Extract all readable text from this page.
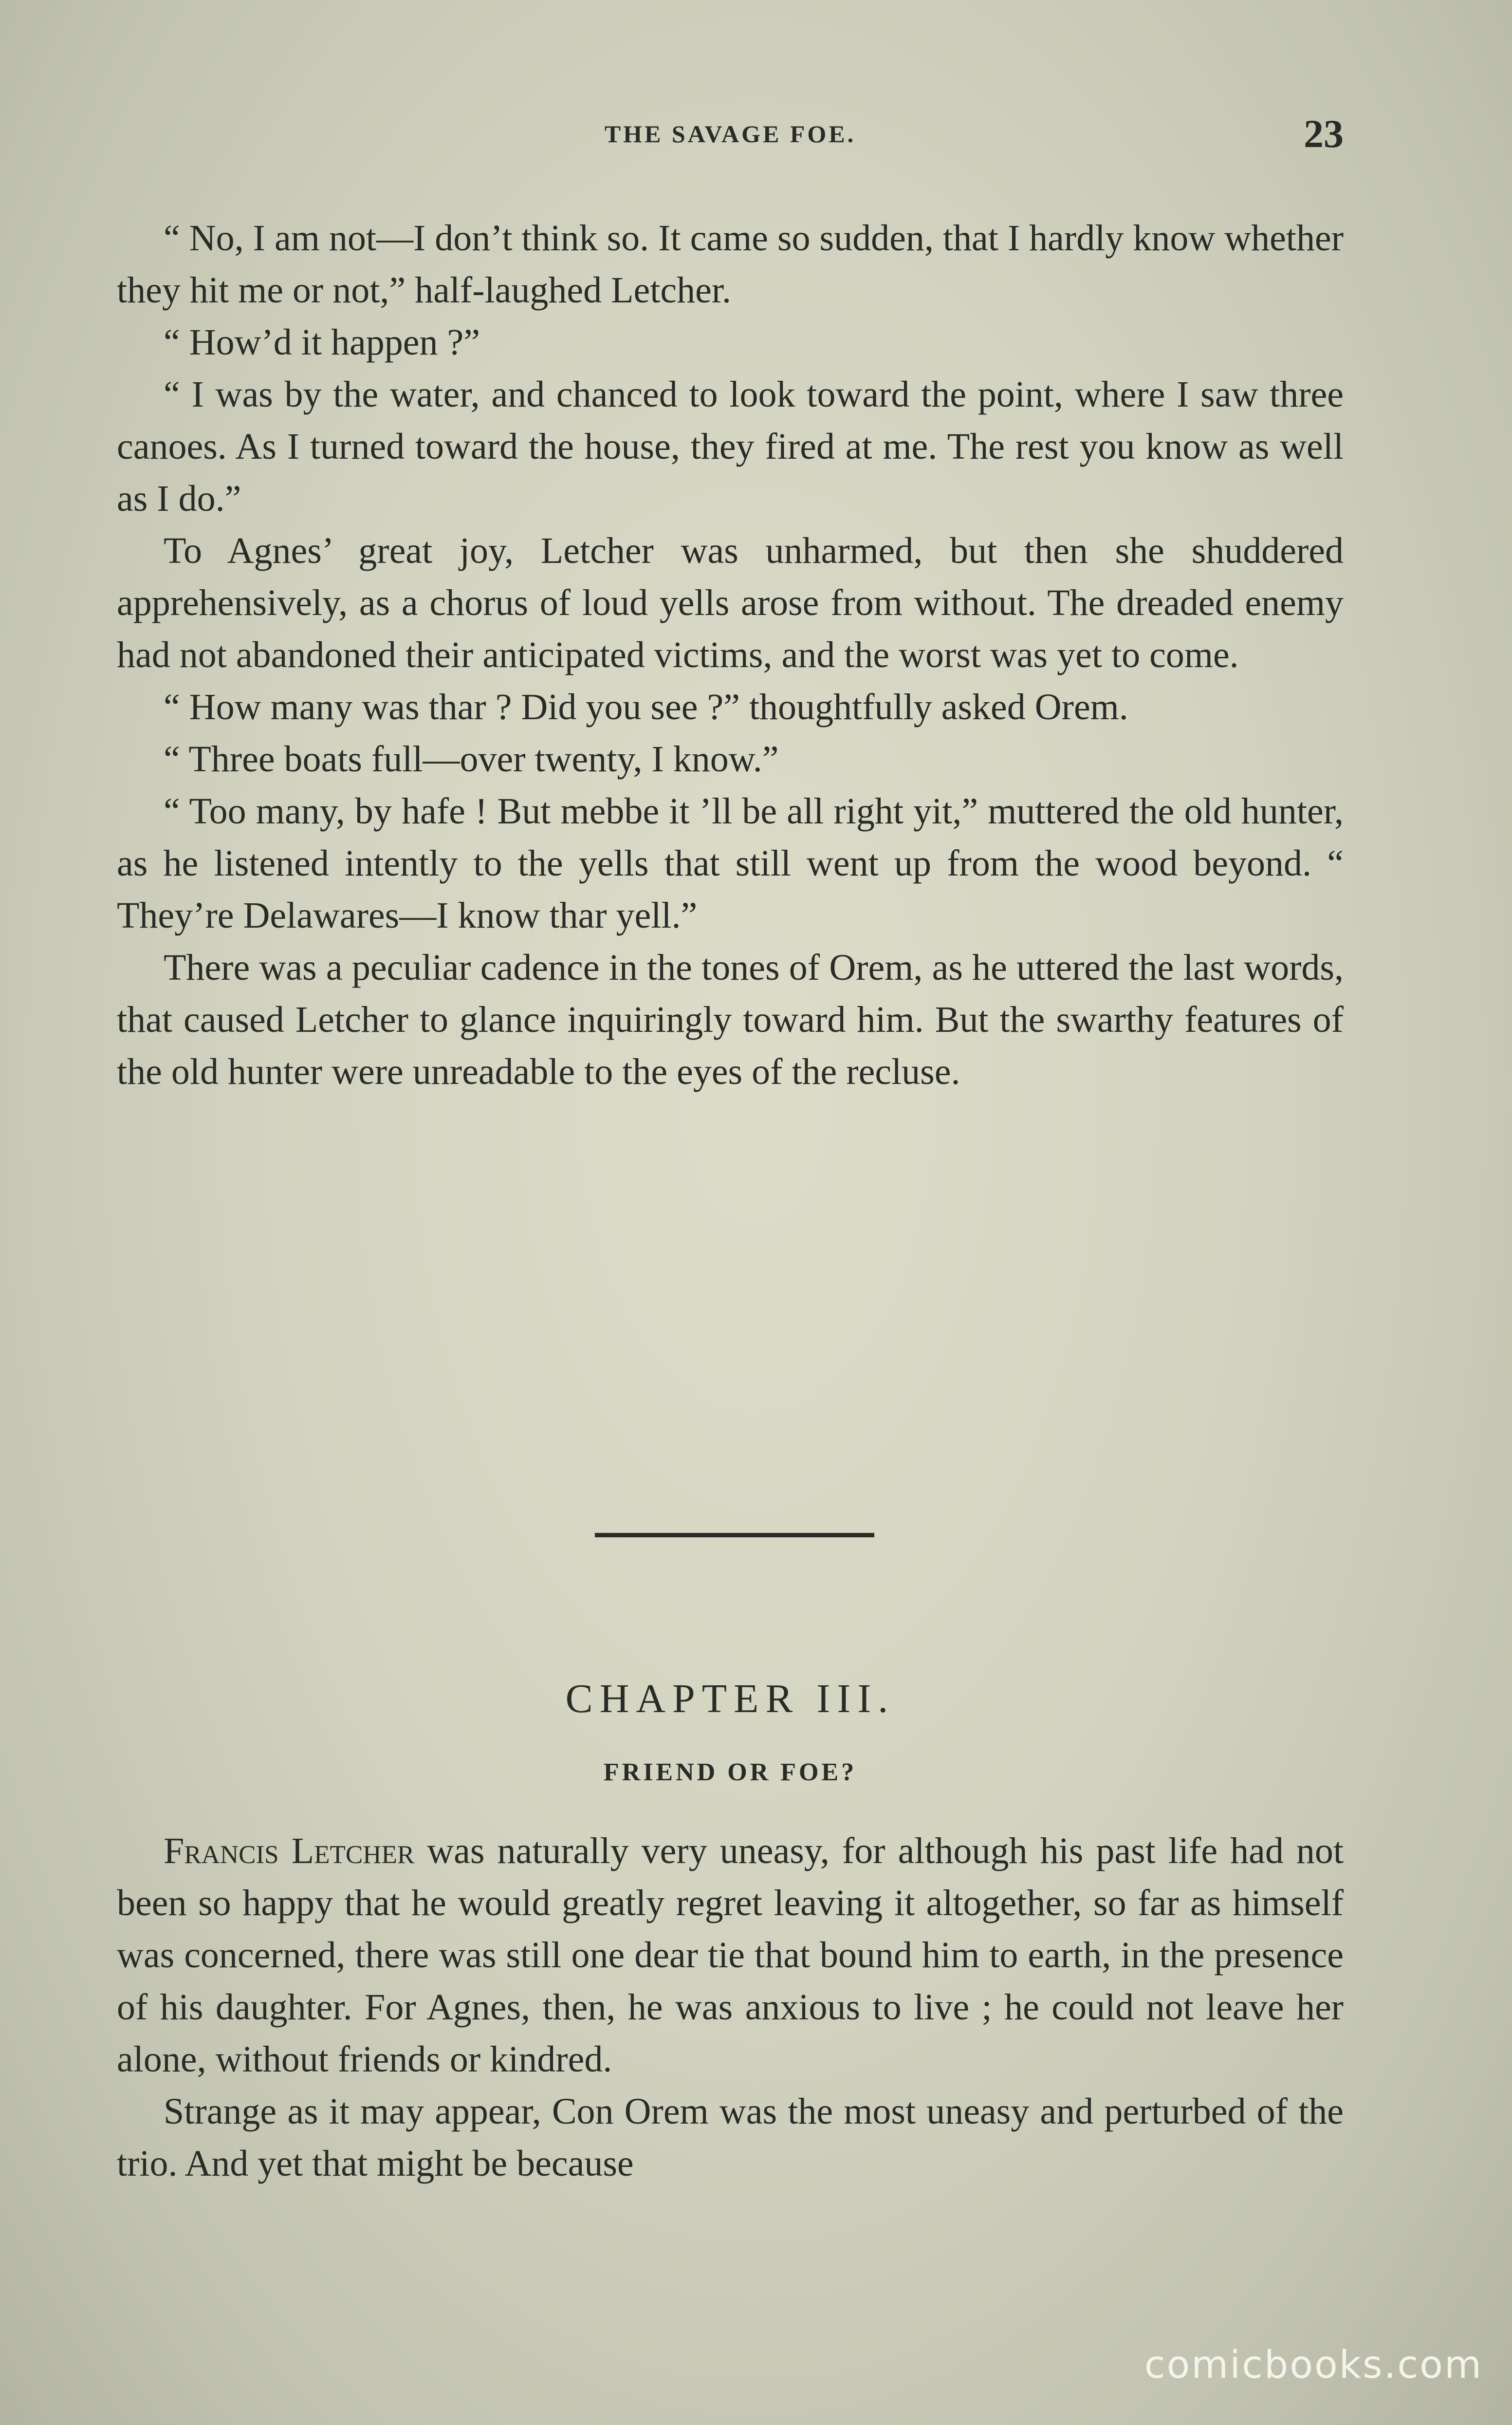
THE SAVAGE FOE.	23

“ No, I am not—I don’t think so. It came so sudden, that I hardly know whether they hit me or not,” half-laughed Letcher.

“ How’d it happen ?”

“ I was by the water, and chanced to look toward the point, where I saw three canoes. As I turned toward the house, they fired at me. The rest you know as well as I do.”

To Agnes’ great joy, Letcher was unharmed, but then she shuddered apprehensively, as a chorus of loud yells arose from without. The dreaded enemy had not abandoned their anticipated victims, and the worst was yet to come.

“ How many was thar ? Did you see ?” thoughtfully asked Orem.

“ Three boats full—over twenty, I know.”

“ Too many, by hafe ! But mebbe it ’ll be all right yit,” muttered the old hunter, as he listened intently to the yells that still went up from the wood beyond. “ They’re Delawares—I know thar yell.”

There was a peculiar cadence in the tones of Orem, as he uttered the last words, that caused Letcher to glance inquiringly toward him. But the swarthy features of the old hunter were unreadable to the eyes of the recluse.

CHAPTER III.
FRIEND OR FOE?

Francis Letcher was naturally very uneasy, for although his past life had not been so happy that he would greatly regret leaving it altogether, so far as himself was concerned, there was still one dear tie that bound him to earth, in the presence of his daughter. For Agnes, then, he was anxious to live ; he could not leave her alone, without friends or kindred.

Strange as it may appear, Con Orem was the most uneasy and perturbed of the trio. And yet that might be because

comicbooks.com
